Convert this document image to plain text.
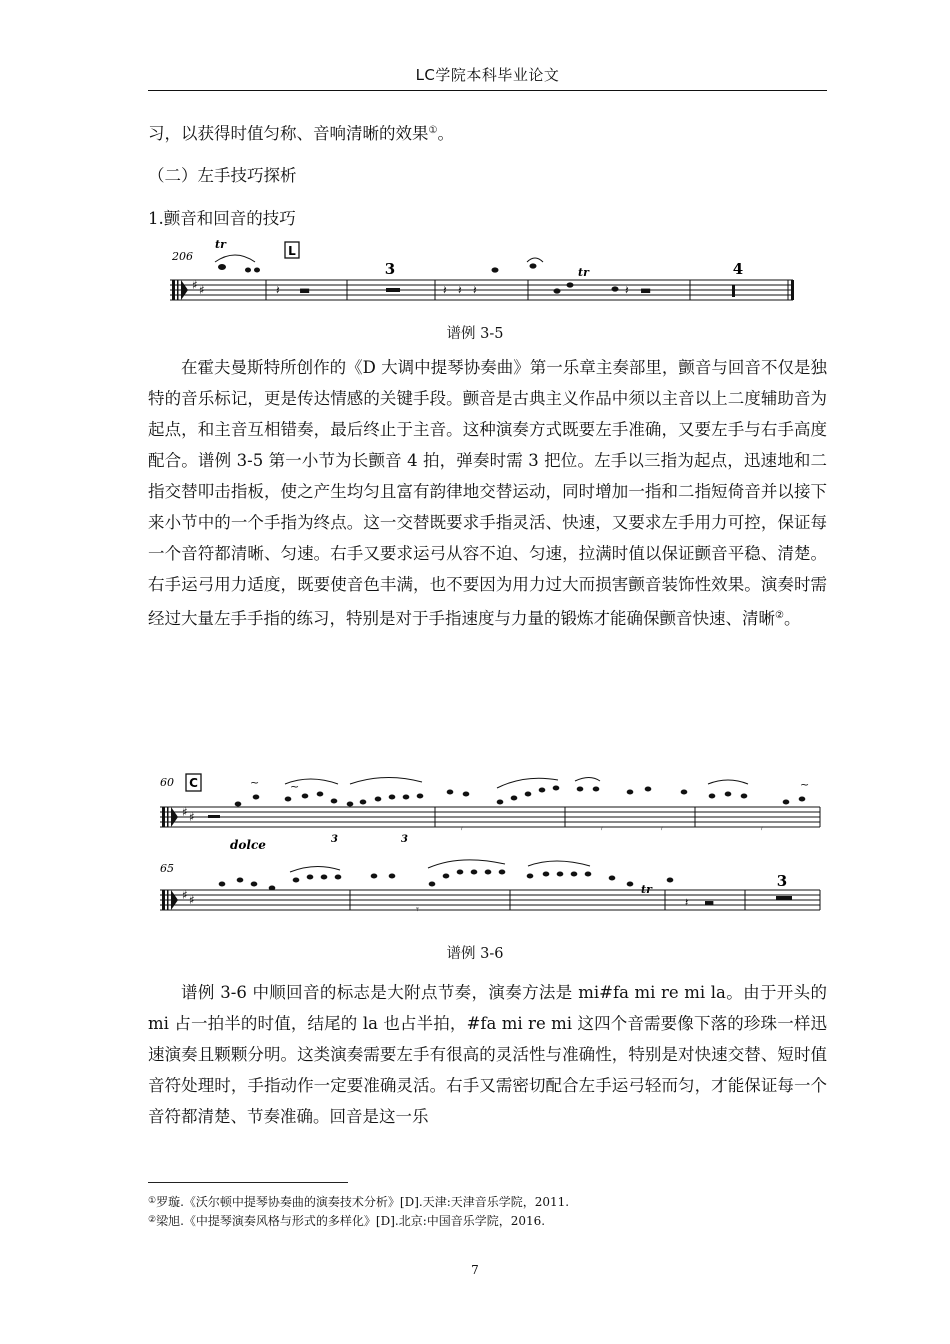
LC学院本科毕业论文
习，以获得时值匀称、音响清晰的效果①。
（二）左手技巧探析
1.颤音和回音的技巧
206
tr	L
3	tr	4
♯ ♯	𝄽 ▬	𝄽 𝄽 𝄽	𝄽 ▬
谱例 3-5

在霍夫曼斯特所创作的《D 大调中提琴协奏曲》第一乐章主奏部里，颤音与回音不仅是独特的音乐标记，更是传达情感的关键手段。颤音是古典主义作品中须以主音以上二度辅助音为起点，和主音互相错奏，最后终止于主音。这种演奏方式既要左手准确，又要左手与右手高度配合。谱例 3-5 第一小节为长颤音 4 拍，弹奏时需 3 把位。左手以三指为起点，迅速地和二指交替叩击指板，使之产生均匀且富有韵律地交替运动，同时增加一指和二指短倚音并以接下来小节中的一个手指为终点。这一交替既要求手指灵活、快速，又要求左手用力可控，保证每一个音符都清晰、匀速。右手又要求运弓从容不迫、匀速，拉满时值以保证颤音平稳、清楚。右手运弓用力适度，既要使音色丰满，也不要因为用力过大而损害颤音装饰性效果。演奏时需经过大量左手手指的练习，特别是对于手指速度与力量的锻炼才能确保颤音快速、清晰②。

60
65
C
dolce	3	3
tr	3
♯ ♯
♯ ♯
~	~	~
𝄾	𝄾	𝄾	𝄾
𝄾
𝄽 ▬
谱例 3-6

谱例 3-6 中顺回音的标志是大附点节奏，演奏方法是 mi#fa mi re mi la。由于开头的 mi 占一拍半的时值，结尾的 la 也占半拍，#fa mi re mi 这四个音需要像下落的珍珠一样迅速演奏且颗颗分明。这类演奏需要左手有很高的灵活性与准确性，特别是对快速交替、短时值音符处理时，手指动作一定要准确灵活。右手又需密切配合左手运弓轻而匀，才能保证每一个音符都清楚、节奏准确。回音是这一乐

①罗璇.《沃尔顿中提琴协奏曲的演奏技术分析》[D].天津:天津音乐学院，2011.
②梁旭.《中提琴演奏风格与形式的多样化》[D].北京:中国音乐学院，2016.
7
